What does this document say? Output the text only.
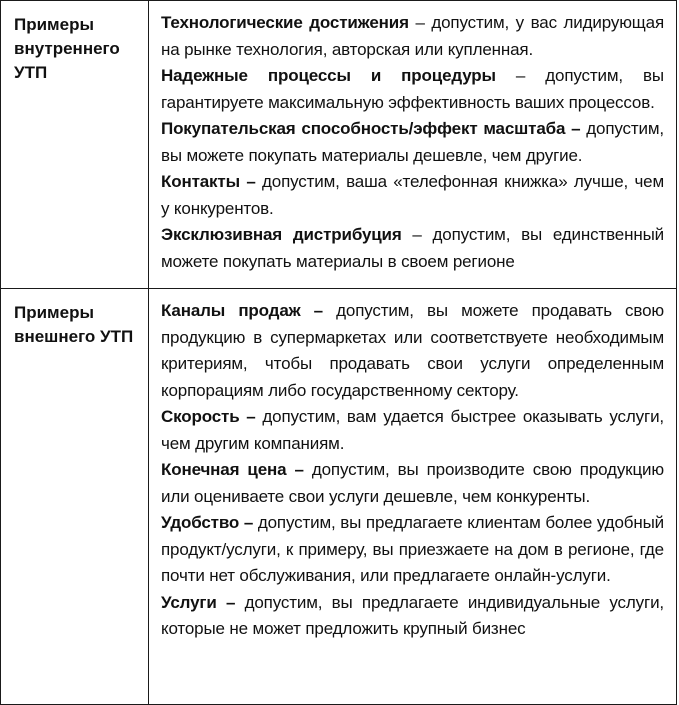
Примеры внутреннего УТП	Технологические достижения – допустим, у вас лидирующая на рынке технология, авторская или купленная.

Надежные процессы и процедуры – допустим, вы гарантируете максимальную эффективность ваших процессов.

Покупательская способность/эффект масштаба – допустим, вы можете покупать материалы дешевле, чем другие.

Контакты – допустим, ваша «телефонная книжка» лучше, чем у конкурентов.

Эксклюзивная дистрибуция – допустим, вы единственный можете покупать материалы в своем регионе

Примеры внешнего УТП	Каналы продаж – допустим, вы можете продавать свою продукцию в супермаркетах или соответствуете необходимым критериям, чтобы продавать свои услуги определенным корпорациям либо государственному сектору.

Скорость – допустим, вам удается быстрее оказывать услуги, чем другим компаниям.

Конечная цена – допустим, вы производите свою продукцию или оцениваете свои услуги дешевле, чем конкуренты.

Удобство – допустим, вы предлагаете клиентам более удобный продукт/услуги, к примеру, вы приезжаете на дом в регионе, где почти нет обслуживания, или предлагаете онлайн-услуги.

Услуги – допустим, вы предлагаете индивидуальные услуги, которые не может предложить крупный бизнес
